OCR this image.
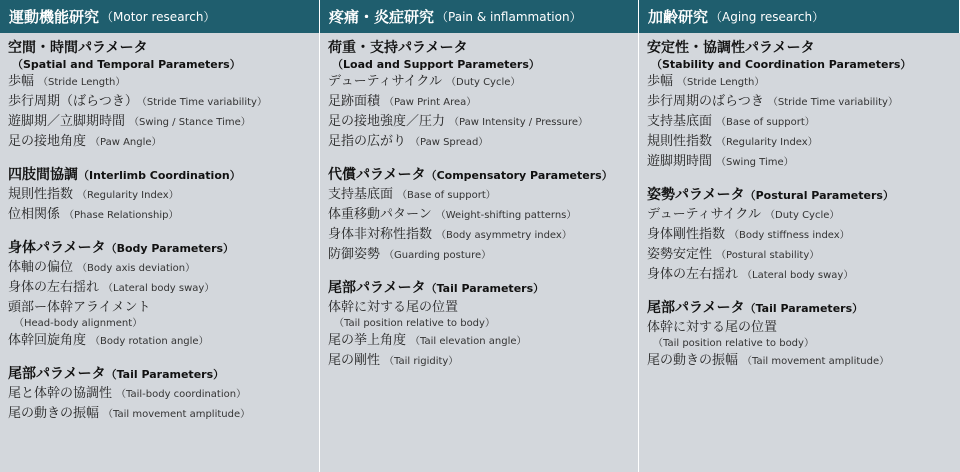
運動機能研究 （Motor research）	疼痛・炎症研究 （Pain & inflammation）	加齢研究 （Aging research）
空間・時間パラメータ
（Spatial and Temporal Parameters）
歩幅 （Stride Length）
歩行周期（ばらつき） （Stride Time variability）
遊脚期／立脚期時間 （Swing / Stance Time）
足の接地角度 （Paw Angle）
四肢間協調（Interlimb Coordination）
規則性指数 （Regularity Index）
位相関係 （Phase Relationship）
身体パラメータ（Body Parameters）
体軸の偏位 （Body axis deviation）
身体の左右揺れ （Lateral body sway）
頭部ー体幹アライメント
（Head-body alignment）
体幹回旋角度 （Body rotation angle）
尾部パラメータ（Tail Parameters）
尾と体幹の協調性 （Tail-body coordination）
尾の動きの振幅 （Tail movement amplitude）
荷重・支持パラメータ
（Load and Support Parameters）
デューティサイクル （Duty Cycle）
足跡面積 （Paw Print Area）
足の接地強度／圧力 （Paw Intensity / Pressure）
足指の広がり （Paw Spread）
代償パラメータ（Compensatory Parameters）
支持基底面 （Base of support）
体重移動パターン （Weight-shifting patterns）
身体非対称性指数 （Body asymmetry index）
防御姿勢 （Guarding posture）
尾部パラメータ（Tail Parameters）
体幹に対する尾の位置
（Tail position relative to body）
尾の挙上角度 （Tail elevation angle）
尾の剛性 （Tail rigidity）
安定性・協調性パラメータ
（Stability and Coordination Parameters）
歩幅 （Stride Length）
歩行周期のばらつき （Stride Time variability）
支持基底面 （Base of support）
規則性指数 （Regularity Index）
遊脚期時間 （Swing Time）
姿勢パラメータ（Postural Parameters）
デューティサイクル （Duty Cycle）
身体剛性指数 （Body stiffness index）
姿勢安定性 （Postural stability）
身体の左右揺れ （Lateral body sway）
尾部パラメータ（Tail Parameters）
体幹に対する尾の位置
（Tail position relative to body）
尾の動きの振幅 （Tail movement amplitude）
